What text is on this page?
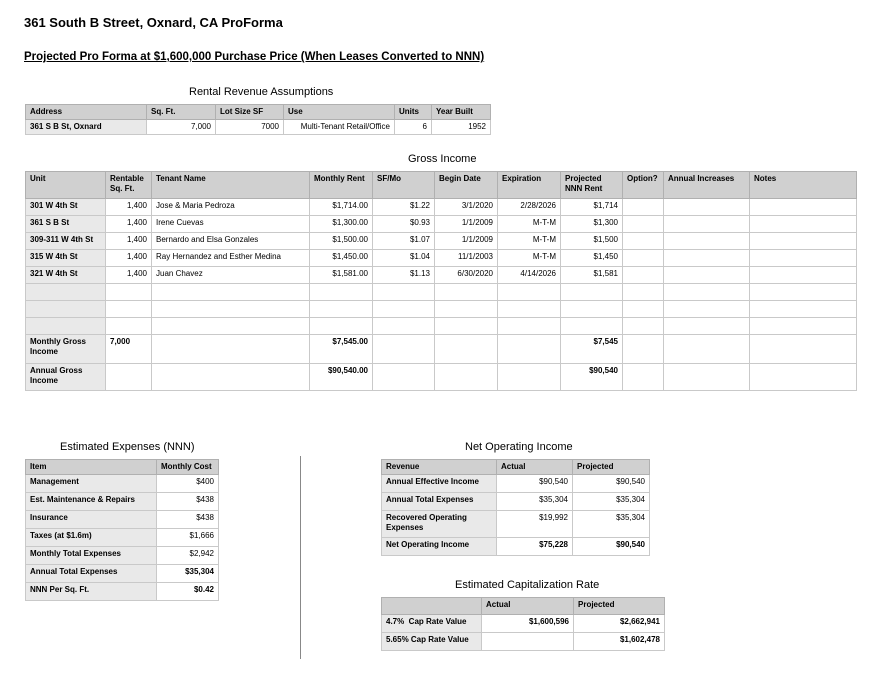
361 South B Street, Oxnard, CA ProForma
Projected Pro Forma at $1,600,000 Purchase Price (When Leases Converted to NNN)
Rental Revenue Assumptions
Address	Sq. Ft.	Lot Size SF	Use	Units	Year Built
361 S B St, Oxnard	7,000	7000	Multi-Tenant Retail/Office	6	1952
Gross Income
Unit	Rentable Sq. Ft.	Tenant Name	Monthly Rent	SF/Mo	Begin Date	Expiration	Projected NNN Rent	Option?	Annual Increases	Notes
301 W 4th St	1,400	Jose & Maria Pedroza	$1,714.00	$1.22	3/1/2020	2/28/2026	$1,714			
361 S B St	1,400	Irene Cuevas	$1,300.00	$0.93	1/1/2009	M-T-M	$1,300			
309-311 W 4th St	1,400	Bernardo and Elsa Gonzales	$1,500.00	$1.07	1/1/2009	M-T-M	$1,500			
315 W 4th St	1,400	Ray Hernandez and Esther Medina	$1,450.00	$1.04	11/1/2003	M-T-M	$1,450			
321 W 4th St	1,400	Juan Chavez	$1,581.00	$1.13	6/30/2020	4/14/2026	$1,581			

Monthly Gross Income	7,000		$7,545.00				$7,545			
Annual Gross Income			$90,540.00				$90,540			
Estimated Expenses (NNN)
Item	Monthly Cost
Management	$400
Est. Maintenance & Repairs	$438
Insurance	$438
Taxes (at $1.6m)	$1,666
Monthly Total Expenses	$2,942
Annual Total Expenses	$35,304
NNN Per Sq. Ft.	$0.42
Net Operating Income
Revenue	Actual	Projected
Annual Effective Income	$90,540	$90,540
Annual Total Expenses	$35,304	$35,304
Recovered Operating Expenses	$19,992	$35,304
Net Operating Income	$75,228	$90,540
Estimated Capitalization Rate
	Actual	Projected
4.7%  Cap Rate Value	$1,600,596	$2,662,941
5.65% Cap Rate Value		$1,602,478
